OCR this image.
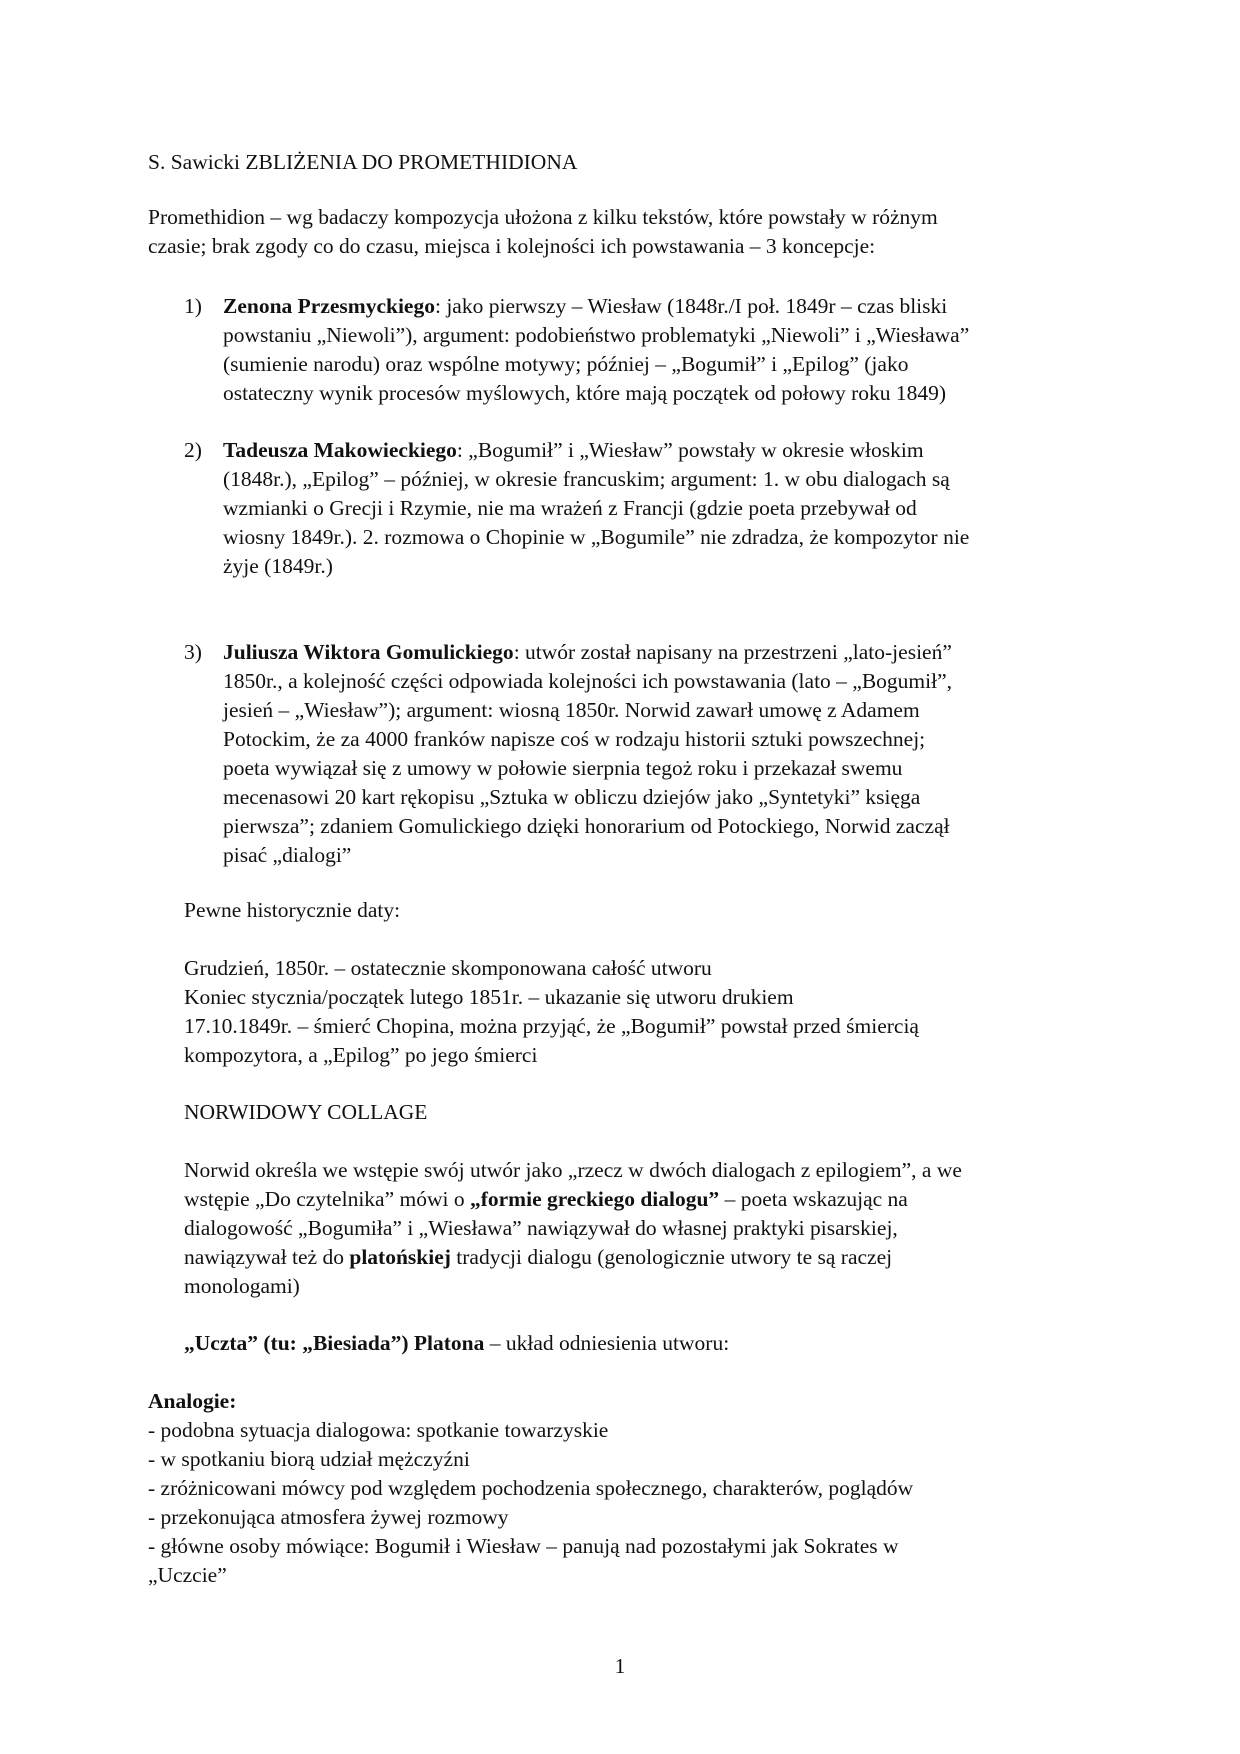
S. Sawicki ZBLIŻENIA DO PROMETHIDIONA

Promethidion – wg badaczy kompozycja ułożona z kilku tekstów, które powstały w różnym
czasie; brak zgody co do czasu, miejsca i kolejności ich powstawania – 3 koncepcje:

1) Zenona Przesmyckiego: jako pierwszy – Wiesław (1848r./I poł. 1849r – czas bliski
powstaniu „Niewoli”), argument: podobieństwo problematyki „Niewoli” i „Wiesława”
(sumienie narodu) oraz wspólne motywy; później – „Bogumił” i „Epilog” (jako
ostateczny wynik procesów myślowych, które mają początek od połowy roku 1849)
2) Tadeusza Makowieckiego: „Bogumił” i „Wiesław” powstały w okresie włoskim
(1848r.), „Epilog” – później, w okresie francuskim; argument: 1. w obu dialogach są
wzmianki o Grecji i Rzymie, nie ma wrażeń z Francji (gdzie poeta przebywał od
wiosny 1849r.). 2. rozmowa o Chopinie w „Bogumile” nie zdradza, że kompozytor nie
żyje (1849r.)
3) Juliusza Wiktora Gomulickiego: utwór został napisany na przestrzeni „lato-jesień”
1850r., a kolejność części odpowiada kolejności ich powstawania (lato – „Bogumił”,
jesień – „Wiesław”); argument: wiosną 1850r. Norwid zawarł umowę z Adamem
Potockim, że za 4000 franków napisze coś w rodzaju historii sztuki powszechnej;
poeta wywiązał się z umowy w połowie sierpnia tegoż roku i przekazał swemu
mecenasowi 20 kart rękopisu „Sztuka w obliczu dziejów jako „Syntetyki” księga
pierwsza”; zdaniem Gomulickiego dzięki honorarium od Potockiego, Norwid zaczął
pisać „dialogi”

Pewne historycznie daty:

Grudzień, 1850r. – ostatecznie skomponowana całość utworu
Koniec stycznia/początek lutego 1851r. – ukazanie się utworu drukiem
17.10.1849r. – śmierć Chopina, można przyjąć, że „Bogumił” powstał przed śmiercią
kompozytora, a „Epilog” po jego śmierci

NORWIDOWY COLLAGE

Norwid określa we wstępie swój utwór jako „rzecz w dwóch dialogach z epilogiem”, a we
wstępie „Do czytelnika” mówi o „formie greckiego dialogu” – poeta wskazując na
dialogowość „Bogumiła” i „Wiesława” nawiązywał do własnej praktyki pisarskiej,
nawiązywał też do platońskiej tradycji dialogu (genologicznie utwory te są raczej
monologami)

„Uczta” (tu: „Biesiada”) Platona – układ odniesienia utworu:

Analogie:
- podobna sytuacja dialogowa: spotkanie towarzyskie
- w spotkaniu biorą udział mężczyźni
- zróżnicowani mówcy pod względem pochodzenia społecznego, charakterów, poglądów
- przekonująca atmosfera żywej rozmowy
- główne osoby mówiące: Bogumił i Wiesław – panują nad pozostałymi jak Sokrates w
„Uczcie”

1
